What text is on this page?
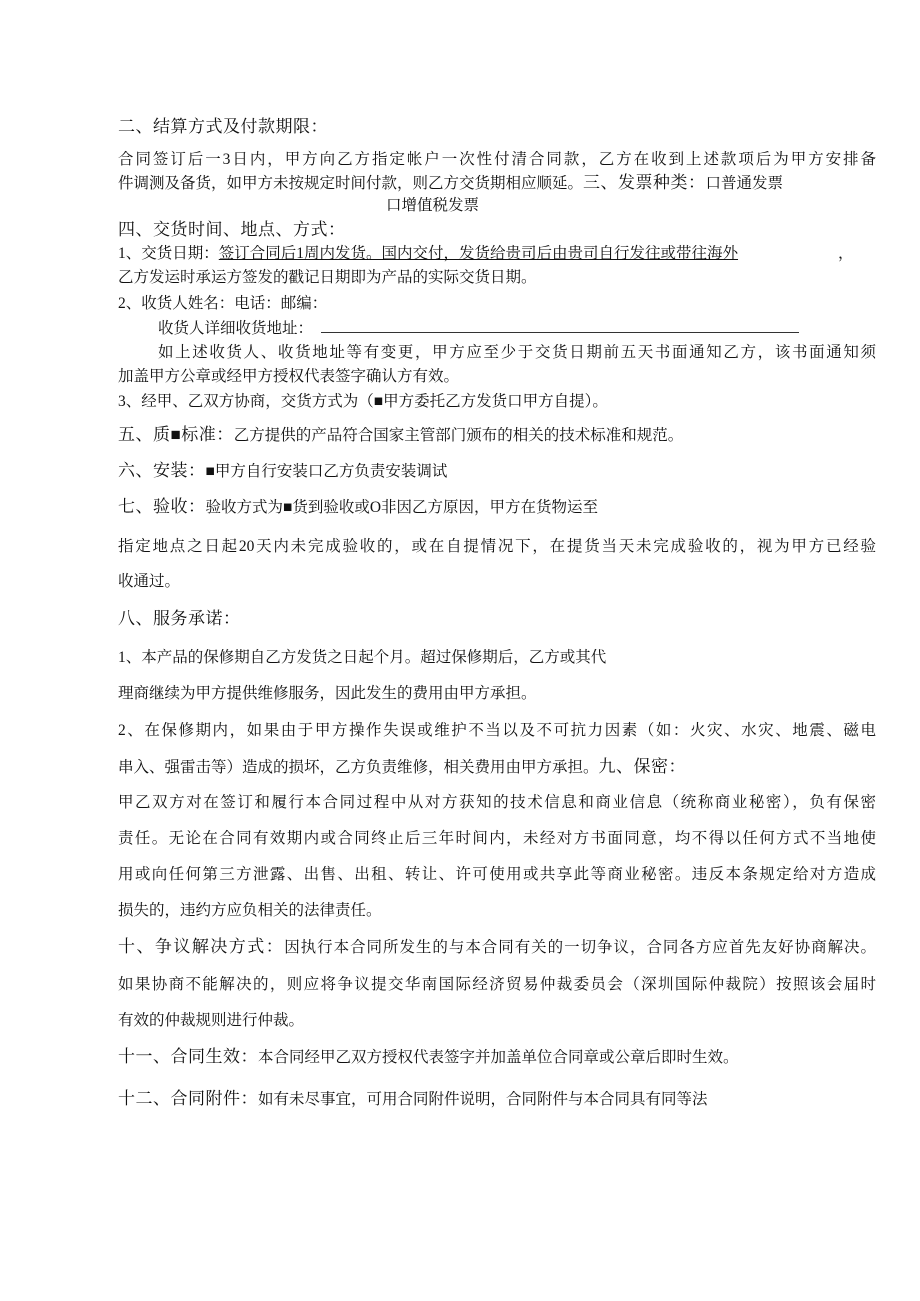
二、结算方式及付款期限：
合同签订后一3日内，甲方向乙方指定帐户一次性付清合同款，乙方在收到上述款项后为甲方安排备
件调测及备货，如甲方未按规定时间付款，则乙方交货期相应顺延。三、发票种类：口普通发票
口增值税发票
四、交货时间、地点、方式：
1、交货日期：签订合同后1周内发货。国内交付，发货给贵司后由贵司自行发往或带往海外	，
乙方发运时承运方签发的戳记日期即为产品的实际交货日期。
2、收货人姓名：电话：邮编：
收货人详细收货地址：
如上述收货人、收货地址等有变更，甲方应至少于交货日期前五天书面通知乙方，该书面通知须
加盖甲方公章或经甲方授权代表签字确认方有效。
3、经甲、乙双方协商，交货方式为（■甲方委托乙方发货口甲方自提）。
五、质■标准：乙方提供的产品符合国家主管部门颁布的相关的技术标准和规范。
六、安装：■甲方自行安装口乙方负责安装调试
七、验收：验收方式为■货到验收或O非因乙方原因，甲方在货物运至
指定地点之日起20天内未完成验收的，或在自提情况下，在提货当天未完成验收的，视为甲方已经验
收通过。
八、服务承诺：
1、本产品的保修期自乙方发货之日起个月。超过保修期后，乙方或其代
理商继续为甲方提供维修服务，因此发生的费用由甲方承担。
2、在保修期内，如果由于甲方操作失误或维护不当以及不可抗力因素（如：火灾、水灾、地震、磁电
串入、强雷击等）造成的损坏，乙方负责维修，相关费用由甲方承担。九、保密：
甲乙双方对在签订和履行本合同过程中从对方获知的技术信息和商业信息（统称商业秘密），负有保密
责任。无论在合同有效期内或合同终止后三年时间内，未经对方书面同意，均不得以任何方式不当地使
用或向任何第三方泄露、出售、出租、转让、许可使用或共享此等商业秘密。违反本条规定给对方造成
损失的，违约方应负相关的法律责任。
十、争议解决方式：因执行本合同所发生的与本合同有关的一切争议，合同各方应首先友好协商解决。
如果协商不能解决的，则应将争议提交华南国际经济贸易仲裁委员会（深圳国际仲裁院）按照该会届时
有效的仲裁规则进行仲裁。
十一、合同生效：本合同经甲乙双方授权代表签字并加盖单位合同章或公章后即时生效。
十二、合同附件：如有未尽事宜，可用合同附件说明，合同附件与本合同具有同等法
